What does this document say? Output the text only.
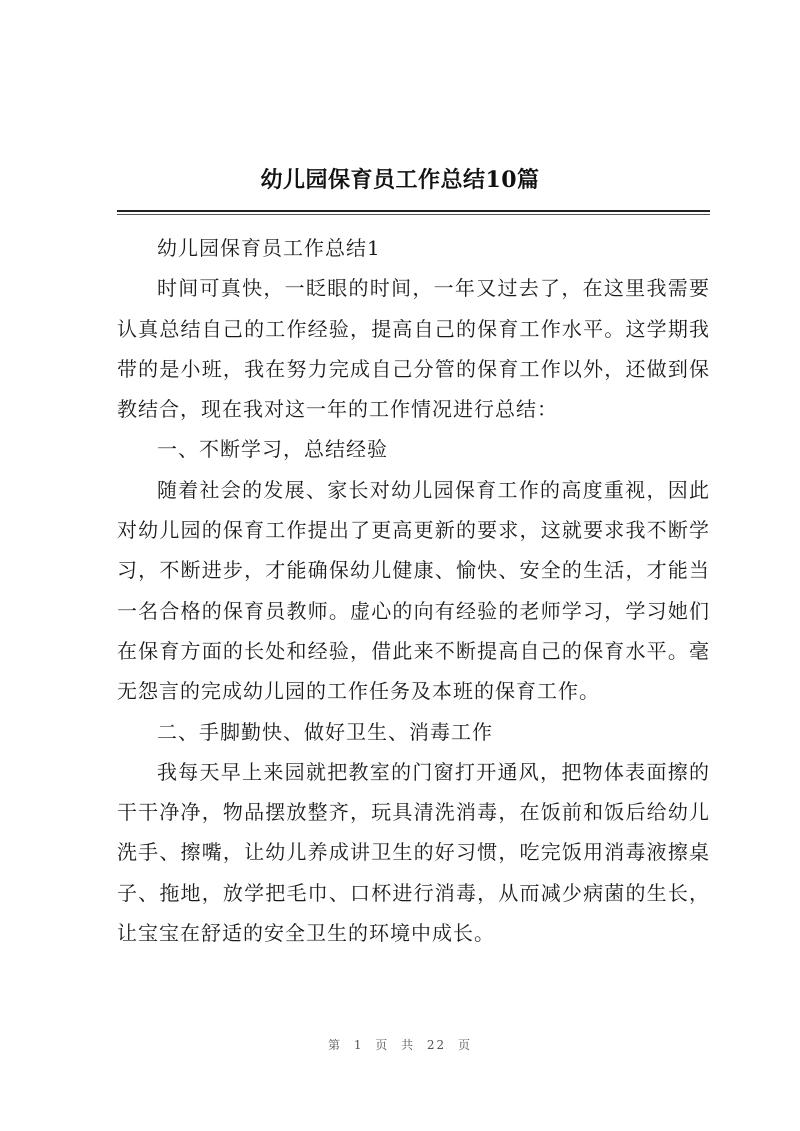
幼儿园保育员工作总结10篇

幼儿园保育员工作总结1

时间可真快，一眨眼的时间，一年又过去了，在这里我需要认真总结自己的工作经验，提高自己的保育工作水平。这学期我带的是小班，我在努力完成自己分管的保育工作以外，还做到保教结合，现在我对这一年的工作情况进行总结：

一、不断学习，总结经验

随着社会的发展、家长对幼儿园保育工作的高度重视，因此对幼儿园的保育工作提出了更高更新的要求，这就要求我不断学习，不断进步，才能确保幼儿健康、愉快、安全的生活，才能当一名合格的保育员教师。虚心的向有经验的老师学习，学习她们在保育方面的长处和经验，借此来不断提高自己的保育水平。毫无怨言的完成幼儿园的工作任务及本班的保育工作。

二、手脚勤快、做好卫生、消毒工作

我每天早上来园就把教室的门窗打开通风，把物体表面擦的干干净净，物品摆放整齐，玩具清洗消毒，在饭前和饭后给幼儿洗手、擦嘴，让幼儿养成讲卫生的好习惯，吃完饭用消毒液擦桌子、拖地，放学把毛巾、口杯进行消毒，从而减少病菌的生长，让宝宝在舒适的安全卫生的环境中成长。

第 1 页 共 22 页
